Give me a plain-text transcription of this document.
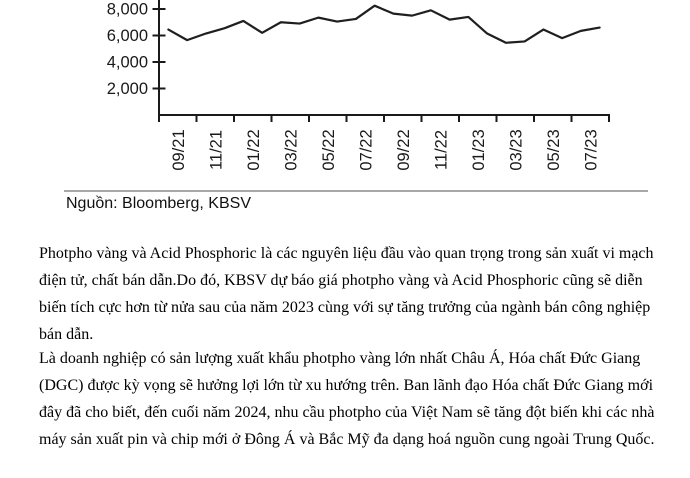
2,000
4,000
6,000
8,000
09/21 11/21 01/22 03/22 05/22 07/22 09/22 11/22 01/23 03/23 05/23 07/23
Nguồn: Bloomberg, KBSV

Photpho vàng và Acid Phosphoric là các nguyên liệu đầu vào quan trọng trong sản xuất vi mạch điện tử, chất bán dẫn.Do đó, KBSV dự báo giá photpho vàng và Acid Phosphoric cũng sẽ diễn biến tích cực hơn từ nửa sau của năm 2023 cùng với sự tăng trưởng của ngành bán công nghiệp bán dẫn.

Là doanh nghiệp có sản lượng xuất khẩu photpho vàng lớn nhất Châu Á, Hóa chất Đức Giang (DGC) được kỳ vọng sẽ hưởng lợi lớn từ xu hướng trên. Ban lãnh đạo Hóa chất Đức Giang mới đây đã cho biết, đến cuối năm 2024, nhu cầu photpho của Việt Nam sẽ tăng đột biến khi các nhà máy sản xuất pin và chip mới ở Đông Á và Bắc Mỹ đa dạng hoá nguồn cung ngoài Trung Quốc.
